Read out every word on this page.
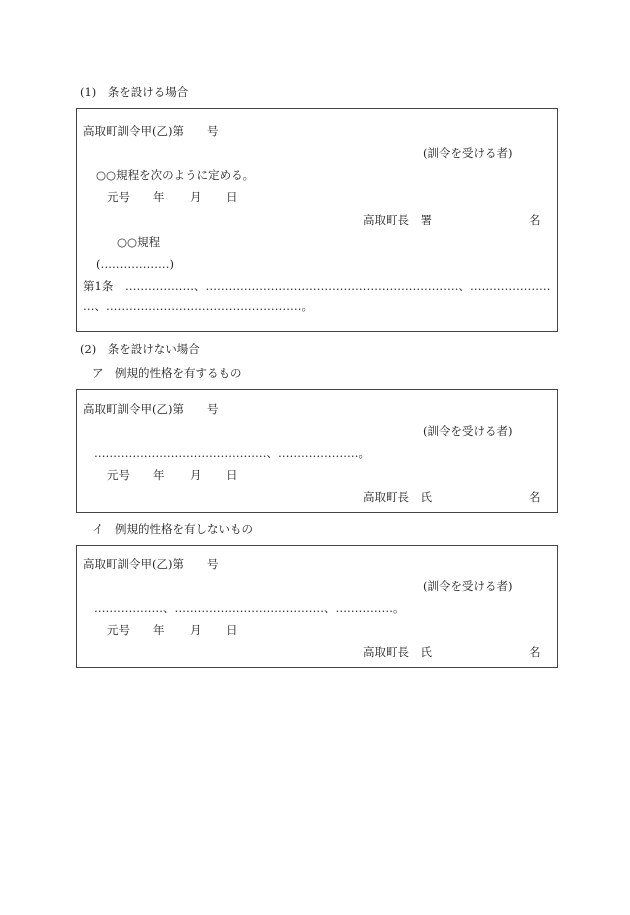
(1)　条を設ける場合
高取町訓令甲(乙)第　　号
(訓令を受ける者)
○○規程を次のように定める。
元号 年 月 日
高取町長　署	名
○○規程
(………………)
第1条 ………………、…………………………………………………………、…………………
…、……………………………………………。
(2)　条を設けない場合
ア　例規的性格を有するもの
高取町訓令甲(乙)第　　号
(訓令を受ける者)
………………………………………、…………………。
元号 年 月 日
高取町長　氏	名
イ　例規的性格を有しないもの
高取町訓令甲(乙)第　　号
(訓令を受ける者)
………………、…………………………………、……………。
元号 年 月 日
高取町長　氏	名
